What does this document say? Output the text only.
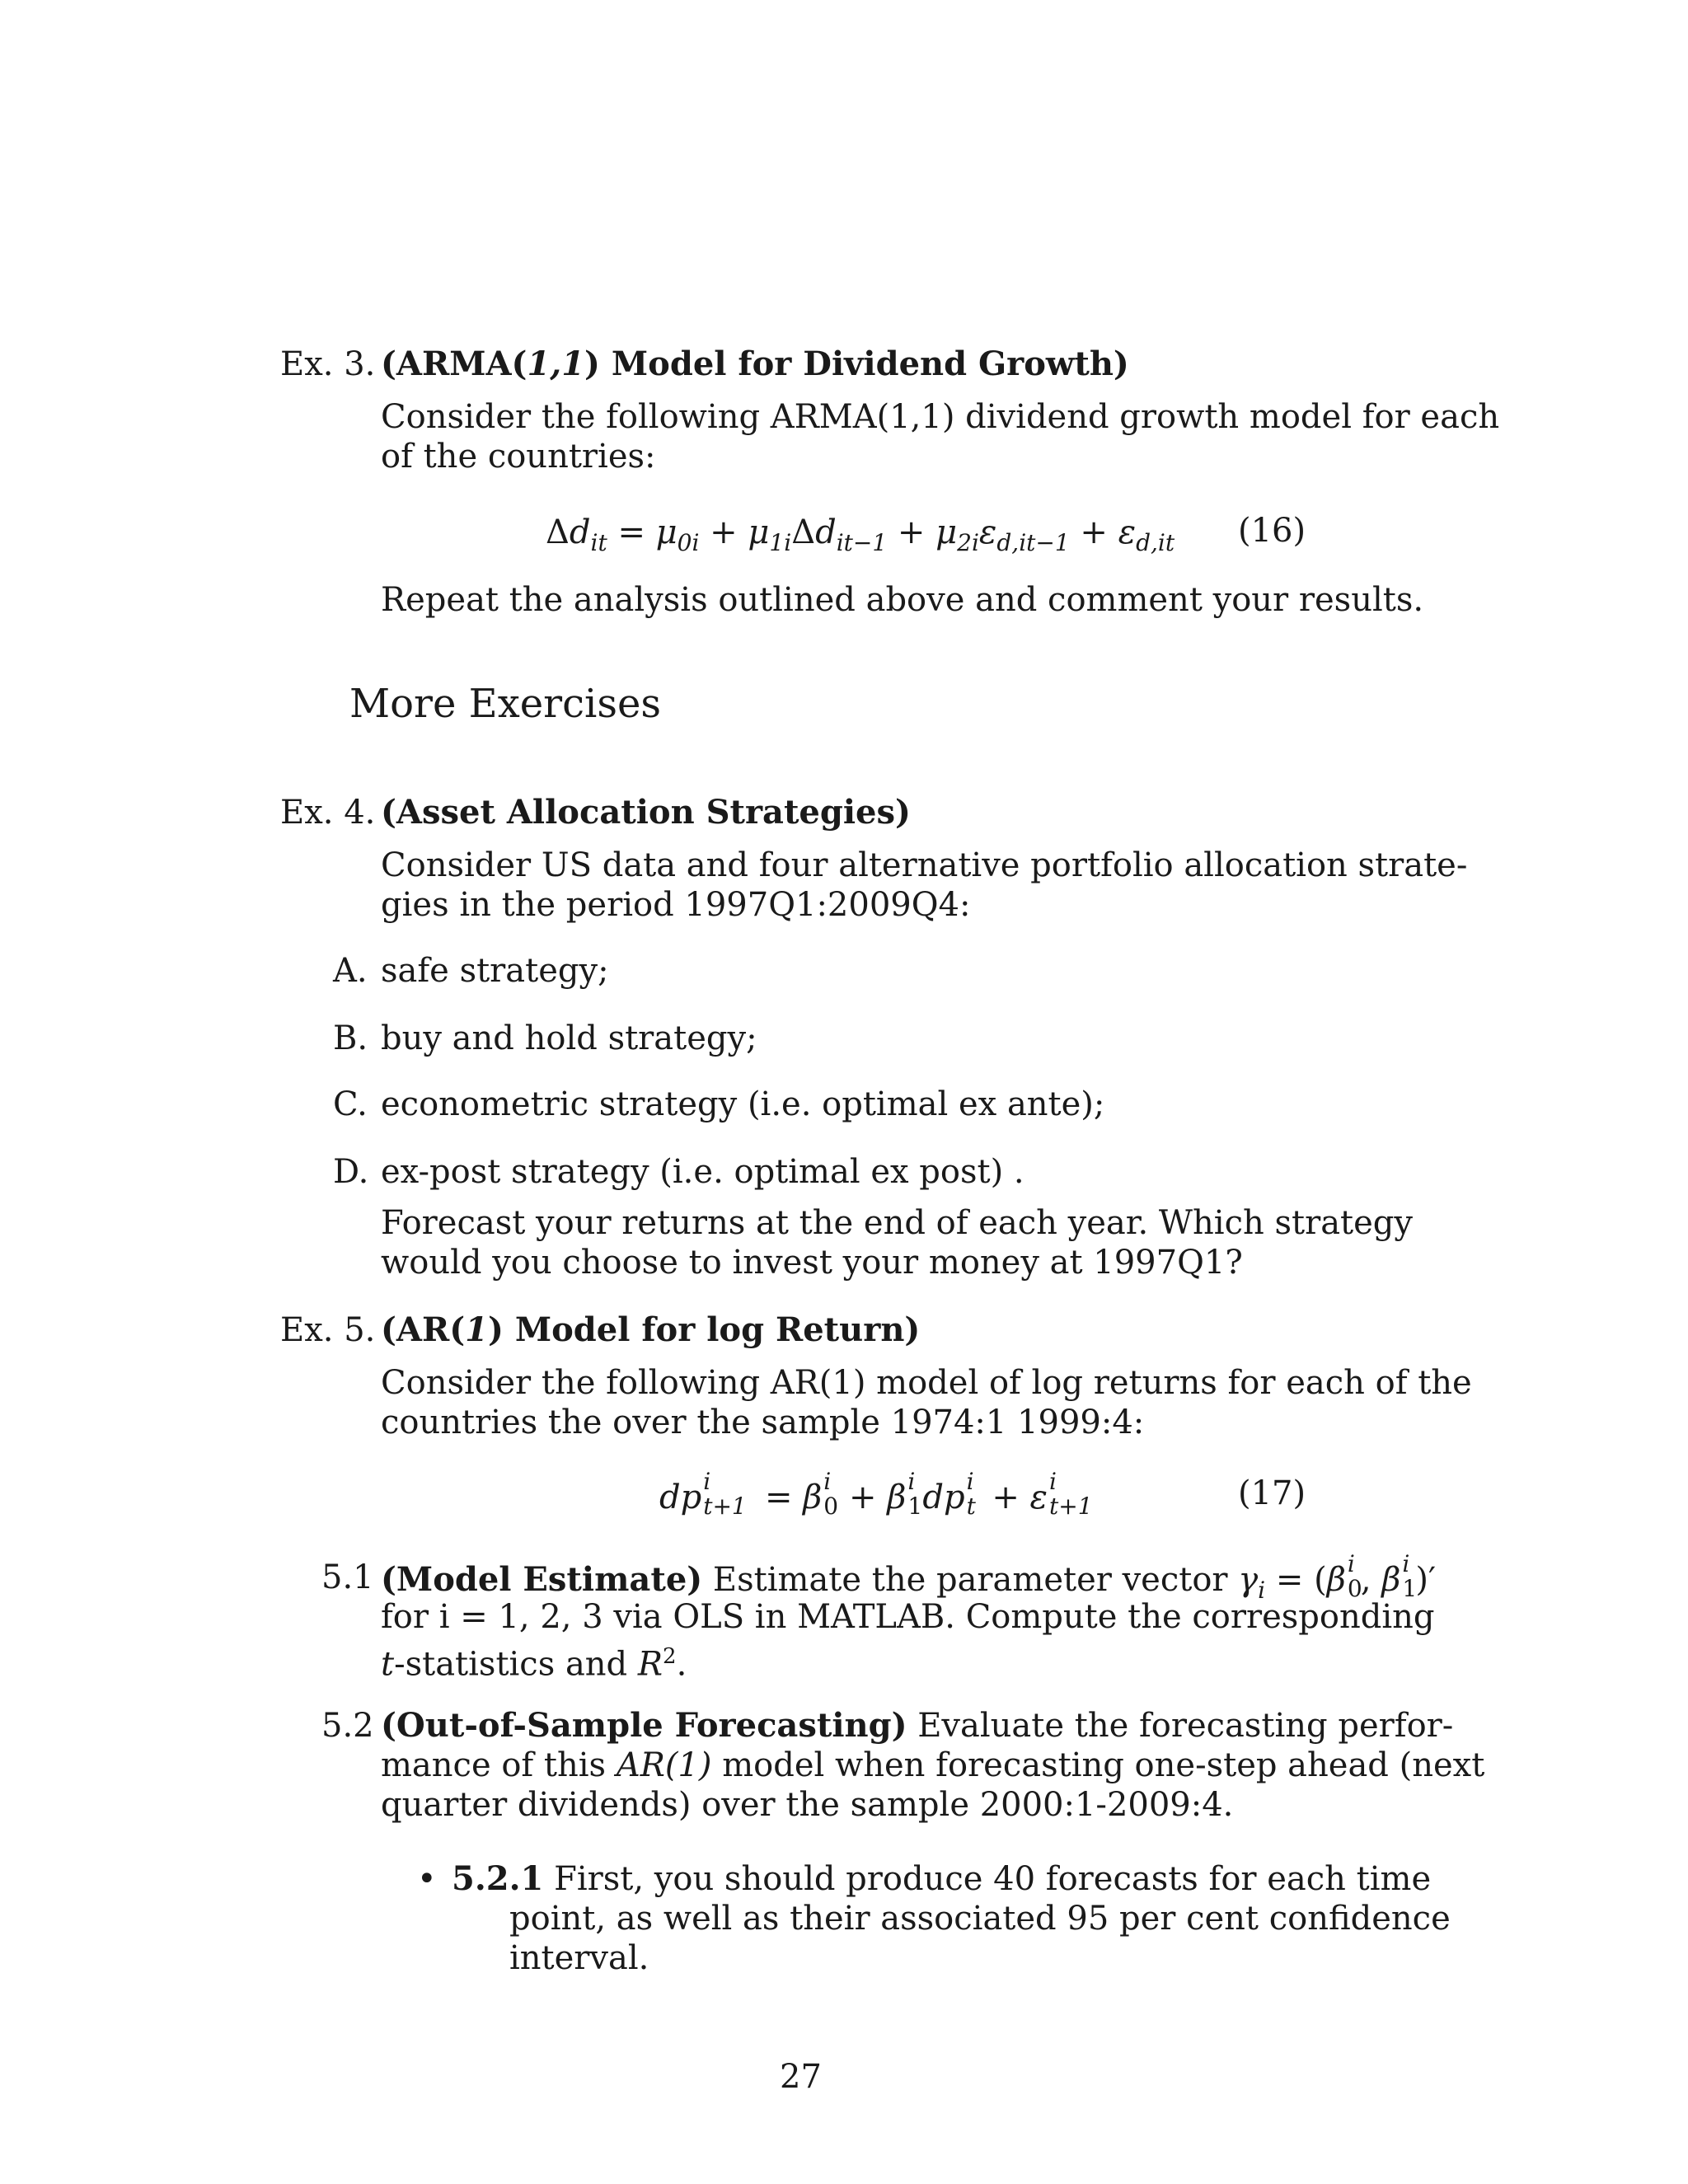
Ex. 3. (ARMA(1,1) Model for Dividend Growth)
Consider the following ARMA(1,1) dividend growth model for each
of the countries:
$\Delta d_{it} = \mu_{0i} + \mu_{1i}\Delta d_{it-1} + \mu_{2i}\varepsilon_{d,it-1} + \varepsilon_{d,it}$ (16)
Repeat the analysis outlined above and comment your results.
More Exercises
Ex. 4. (Asset Allocation Strategies)
Consider US data and four alternative portfolio allocation strate-
gies in the period 1997Q1:2009Q4:
A. safe strategy;
B. buy and hold strategy;
C. econometric strategy (i.e. optimal ex ante);
D. ex-post strategy (i.e. optimal ex post) .
Forecast your returns at the end of each year. Which strategy
would you choose to invest your money at 1997Q1?
Ex. 5. (AR(1) Model for log Return)
Consider the following AR(1) model of log returns for each of the
countries the over the sample 1974:1 1999:4:
dp i
t+1 = β i
0 + β i
1 dp i
t + ε i
t+1	(17)
5.1 (Model Estimate) Estimate the parameter vector $\gamma_i = (\beta$ i
0
, β i
1
)′
for i = 1, 2, 3 via OLS in MATLAB. Compute the corresponding
t-statistics and $R^2$.
5.2 (Out-of-Sample Forecasting) Evaluate the forecasting perfor-
mance of this AR(1) model when forecasting one-step ahead (next
quarter dividends) over the sample 2000:1-2009:4.
• 5.2.1 First, you should produce 40 forecasts for each time
point, as well as their associated 95 per cent confidence
interval.
27
